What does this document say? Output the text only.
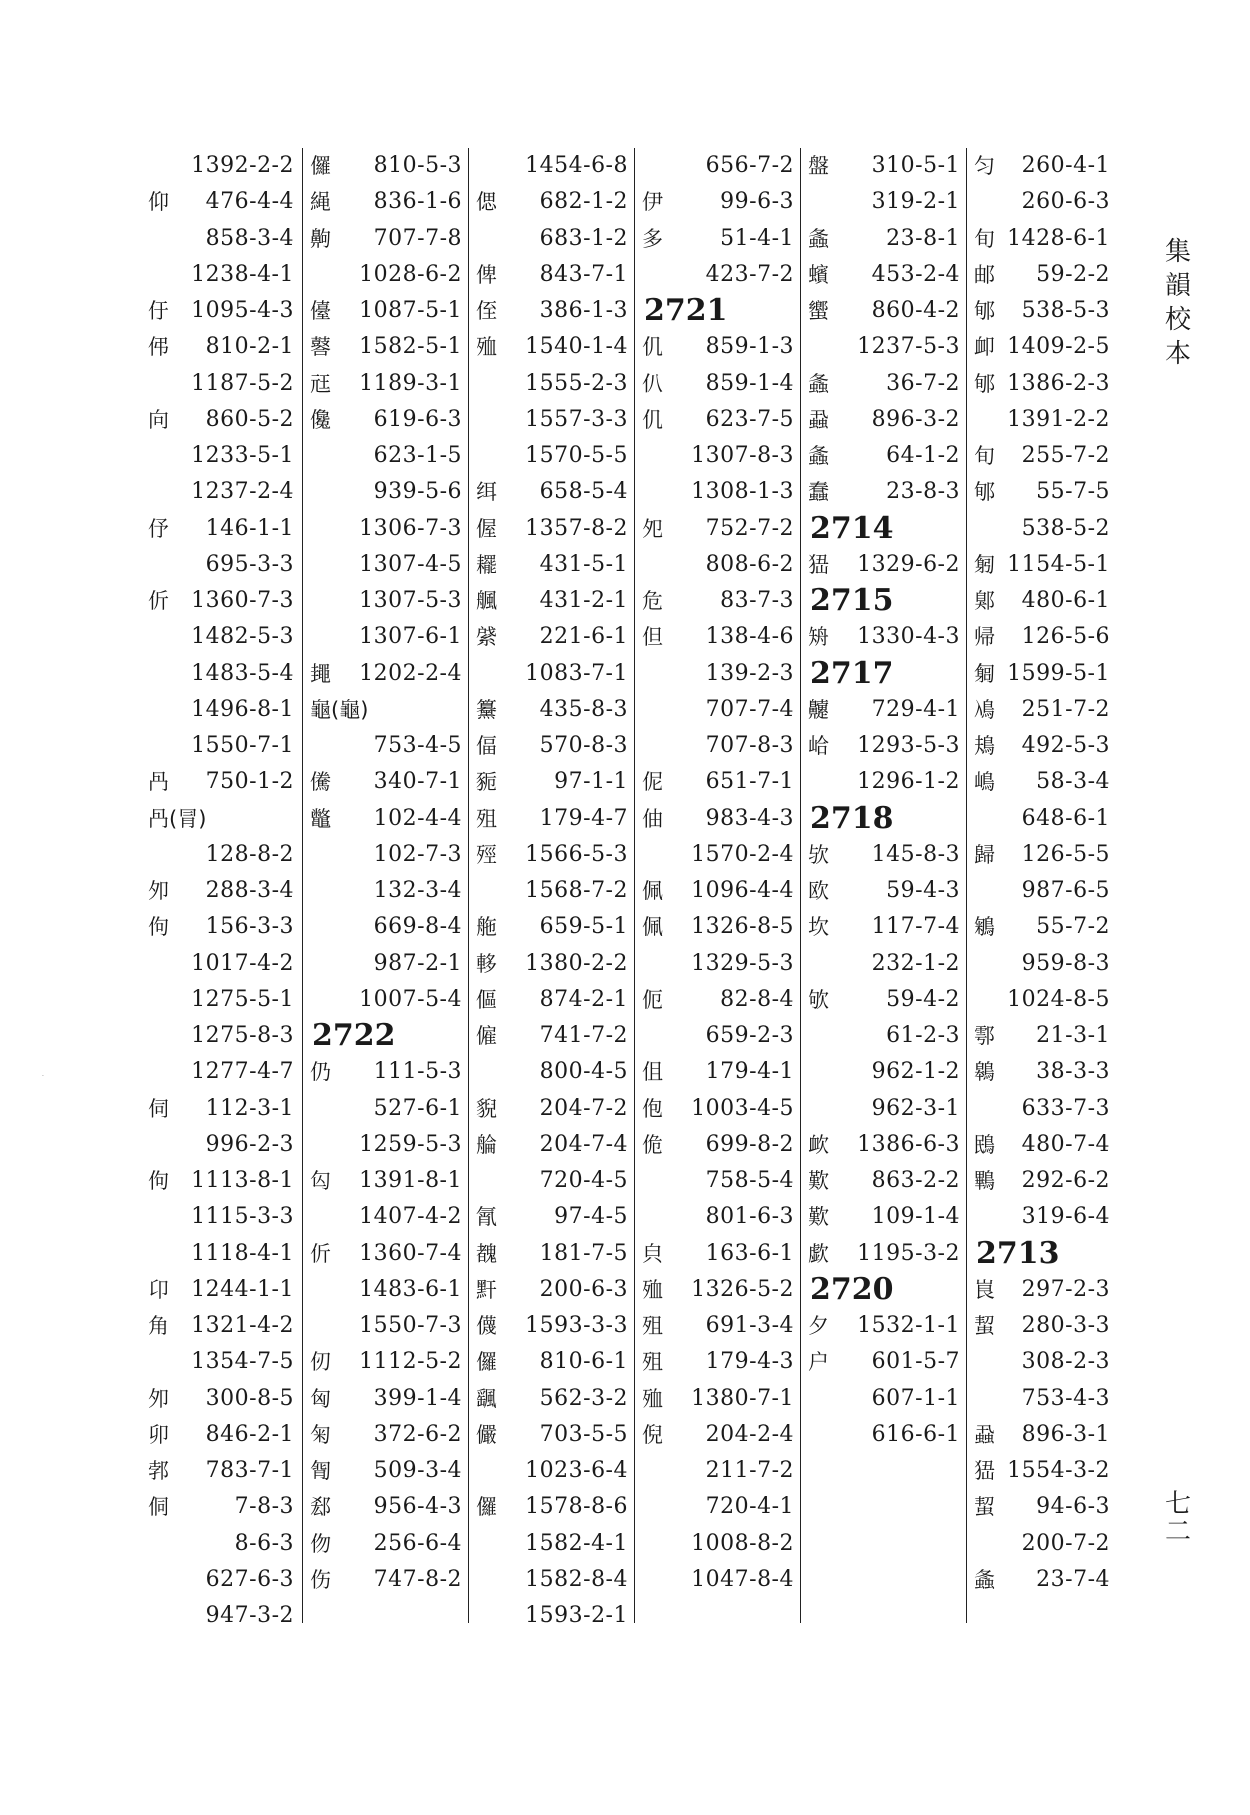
集
韻
校
本
七
二
·
1392-2-2
仰 476-4-4
858-3-4
1238-4-1
㐵 1095-4-3
伄 810-2-1
1187-5-2
向 860-5-2
1233-5-1
1237-2-4
伃 146-1-1
695-3-3
伒 1360-7-3
1482-5-3
1483-5-4
1496-8-1
1550-7-1
冎 750-1-2
冎(冐)
128-8-2
夘 288-3-4
佝 156-3-3
1017-4-2
1275-5-1
1275-8-3
1277-4-7
伺 112-3-1
996-2-3
佝 1113-8-1
1115-3-3
1118-4-1
卬 1244-1-1
角 1321-4-2
1354-7-5
夘 300-8-5
卯 846-2-1
郣 783-7-1
侗	7-8-3
8-6-3
627-6-3
947-3-2
儸 810-5-3
䋲 836-1-6
齁 707-7-8
1028-6-2
儓 1087-5-1
䶀 1582-5-1
㒬 1189-3-1
儳 619-6-3
623-1-5
939-5-6
1306-7-3
1307-4-5
1307-5-3
1307-6-1
䵷 1202-2-4
龜(龜)
753-4-5
儯 340-7-1
鼈 102-4-4
102-7-3
132-3-4
669-8-4
987-2-1
1007-5-4
2722
仍 111-5-3
527-6-1
1259-5-3
匃 1391-8-1
1407-4-2
伒 1360-7-4
1483-6-1
1550-7-3
仞 1112-5-2
匈 399-1-4
匊 372-6-2
㔨 509-3-4
郄 956-4-3
伆 256-6-4
伤 747-8-2
1454-6-8
偲 682-1-2
683-1-2
俾 843-7-1
侄 386-1-3
殈 1540-1-4
1555-2-3
1557-3-3
1570-5-5
䌺 658-5-4
偓 1357-8-2
䎱 431-5-1
䑺 431-2-1
䋯 221-6-1
1083-7-1
䵵 435-8-3
偪 570-8-3
䝈	97-1-1
殂 179-4-7
殌 1566-5-3
1568-7-2
䑨 659-5-1
䡔 1380-2-2
傴 874-2-1
僱 741-7-2
800-4-5
貎 204-7-2
䑳 204-7-4
720-4-5
㲵	97-4-5
䰩 181-7-5
䵟 200-6-3
㒝 1593-3-3
儸 810-6-1
颻 562-3-2
儼 703-5-5
1023-6-4
儸 1578-8-6
1582-4-1
1582-8-4
1593-2-1
656-7-2
伊	99-6-3
多	51-4-1
423-7-2
2721
仉 859-1-3
仈 859-1-4
仉 623-7-5
1307-8-3
1308-1-3
夗 752-7-2
808-6-2
危	83-7-3
但 138-4-6
139-2-3
707-7-4
707-8-3
伲 651-7-1
伷 983-4-3
1570-2-4
佩 1096-4-4
佩 1326-8-5
1329-5-3
伌	82-8-4
659-2-3
伹 179-4-1
佨 1003-4-5
佹 699-8-2
758-5-4
801-6-3
㒵 163-6-1
殈 1326-5-2
殂 691-3-4
殂 179-4-3
殈 1380-7-1
倪 204-2-4
211-7-2
720-4-1
1008-8-2
1047-8-4
盤 310-5-1
319-2-1
螽	23-8-1
蠙 453-2-4
蠁 860-4-2
1237-5-3
螽	36-7-2
蝨 896-3-2
螽	64-1-2
蠢	23-8-3
2714
峱 1329-6-2
2715
矪 1330-4-3
2717
䶑 729-4-1
峆 1293-5-3
1296-1-2
2718
欤 145-8-3
欧	59-4-3
坎 117-7-4
232-1-2
欨	59-4-2
61-2-3
962-1-2
962-3-1
欰 1386-6-3
歎 863-2-2
歎 109-1-4
歔 1195-3-2
2720
夕 1532-1-1
户 601-5-7
607-1-1
616-6-1
匀 260-4-1
260-6-3
旬 1428-6-1
邮 59-2-2
郇 538-5-3
卹 1409-2-5
郇 1386-2-3
1391-2-2
旬 255-7-2
郇 55-7-5
538-5-2
匑 1154-5-1
鄓 480-6-1
帰 126-5-6
匔 1599-5-1
鳰 251-7-2
鳺 492-5-3
嶋 58-3-4
648-6-1
歸 126-5-5
987-6-5
鵴 55-7-2
959-8-3
1024-8-5
鄠 21-3-1
鷎 38-3-3
633-7-3
鴖 480-7-4
鷝 292-6-2
319-6-4
2713
峎 297-2-3
蛪 280-3-3
308-2-3
753-4-3
蝨 896-3-1
峱 1554-3-2
蛪 94-6-3
200-7-2
螽 23-7-4
